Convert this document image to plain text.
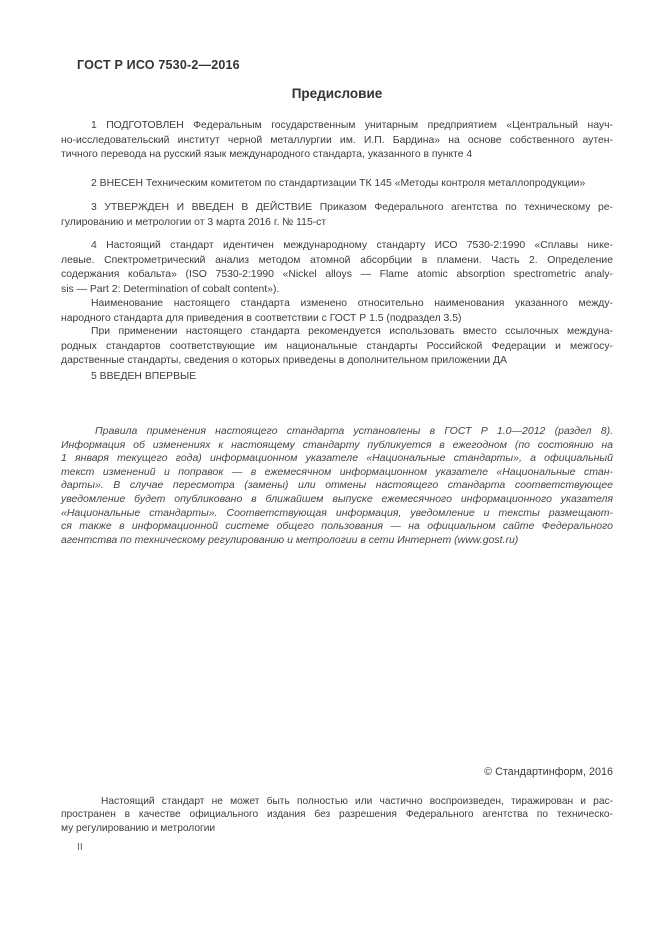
ГОСТ Р ИСО 7530-2—2016
Предисловие
1 ПОДГОТОВЛЕН Федеральным государственным унитарным предприятием «Центральный науч-
но-исследовательский институт черной металлургии им. И.П. Бардина» на основе собственного аутен-
тичного перевода на русский язык международного стандарта, указанного в пункте 4
2 ВНЕСЕН Техническим комитетом по стандартизации ТК 145 «Методы контроля металлопродукции»
3 УТВЕРЖДЕН И ВВЕДЕН В ДЕЙСТВИЕ Приказом Федерального агентства по техническому ре-
гулированию и метрологии от 3 марта 2016 г. № 115-ст
4 Настоящий стандарт идентичен международному стандарту ИСО 7530-2:1990 «Сплавы нике-
левые. Спектрометрический анализ методом атомной абсорбции в пламени. Часть 2. Определение
содержания кобальта» (ISO 7530-2:1990 «Nickel alloys — Flame atomic absorption spectrometric analy-
sis — Part 2: Determination of cobalt content»).
Наименование настоящего стандарта изменено относительно наименования указанного между-
народного стандарта для приведения в соответствии с ГОСТ Р 1.5 (подраздел 3.5)
При применении настоящего стандарта рекомендуется использовать вместо ссылочных междуна-
родных стандартов соответствующие им национальные стандарты Российской Федерации и межгосу-
дарственные стандарты, сведения о которых приведены в дополнительном приложении ДА
5 ВВЕДЕН ВПЕРВЫЕ
Правила применения настоящего стандарта установлены в ГОСТ Р 1.0—2012 (раздел 8).
Информация об изменениях к настоящему стандарту публикуется в ежегодном (по состоянию на
1 января текущего года) информационном указателе «Национальные стандарты», а официальный
текст изменений и поправок — в ежемесячном информационном указателе «Национальные стан-
дарты». В случае пересмотра (замены) или отмены настоящего стандарта соответствующее
уведомление будет опубликовано в ближайшем выпуске ежемесячного информационного указателя
«Национальные стандарты». Соответствующая информация, уведомление и тексты размещают-
ся также в информационной системе общего пользования — на официальном сайте Федерального
агентства по техническому регулированию и метрологии в сети Интернет (www.gost.ru)
© Стандартинформ, 2016
Настоящий стандарт не может быть полностью или частично воспроизведен, тиражирован и рас-
пространен в качестве официального издания без разрешения Федерального агентства по техническо-
му регулированию и метрологии
II
